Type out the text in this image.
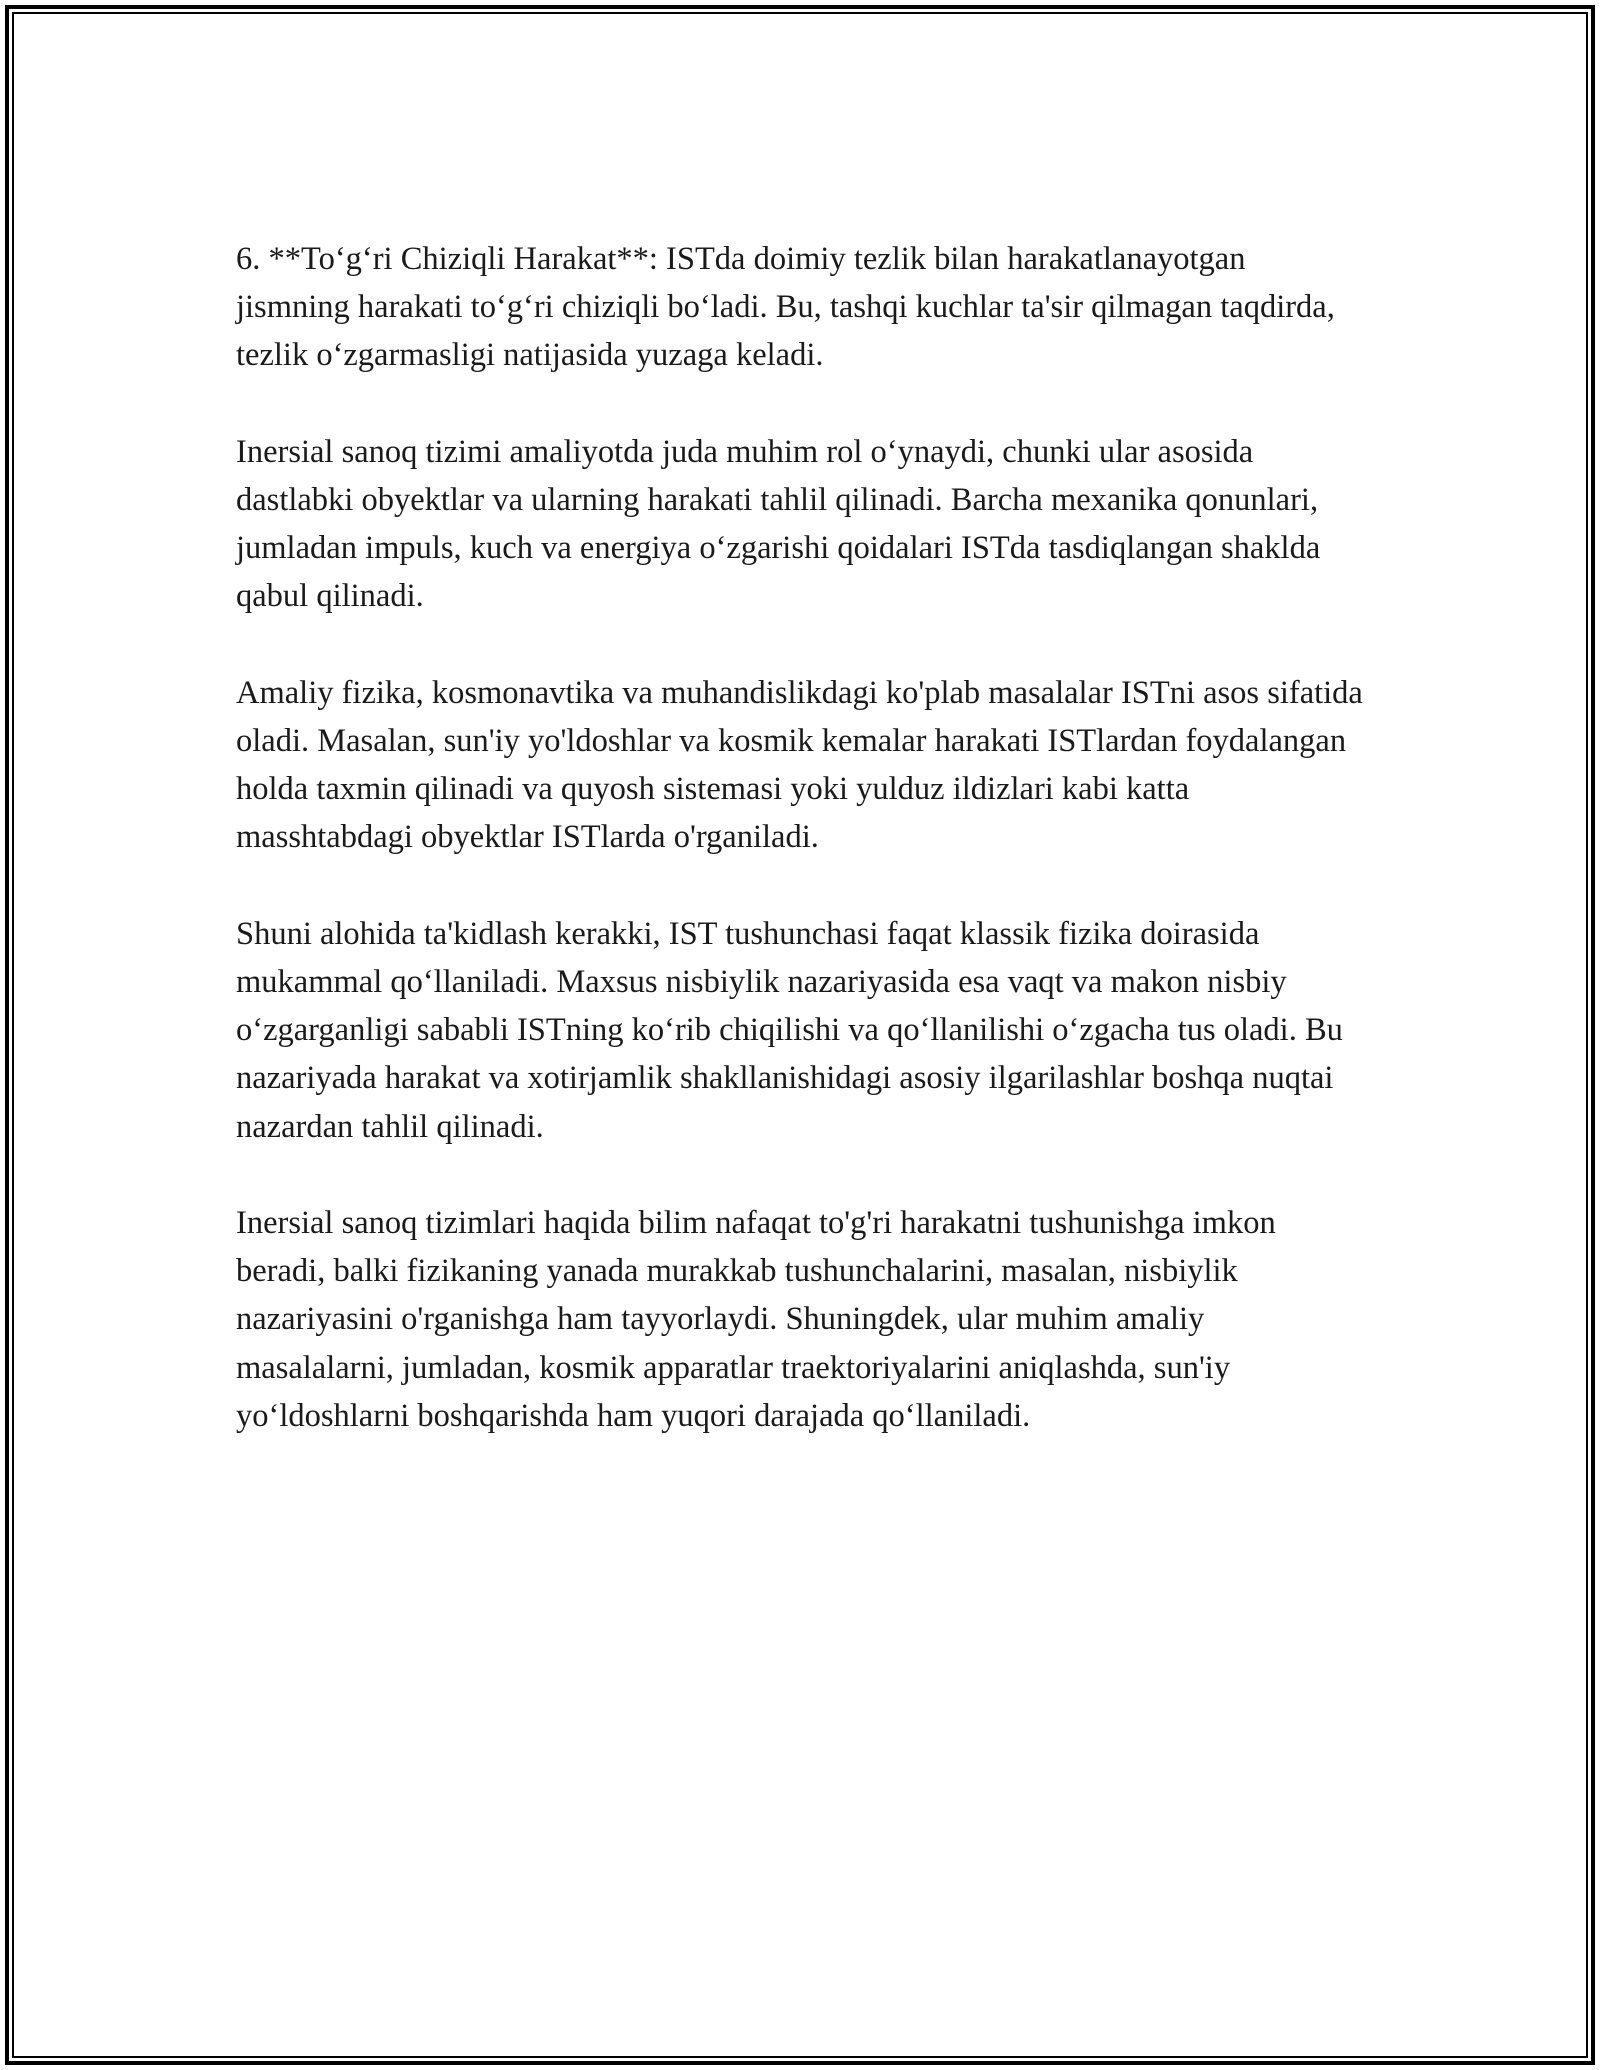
6. **To‘g‘ri Chiziqli Harakat**: ISTda doimiy tezlik bilan harakatlanayotgan jismning harakati to‘g‘ri chiziqli bo‘ladi. Bu, tashqi kuchlar ta'sir qilmagan taqdirda, tezlik o‘zgarmasligi natijasida yuzaga keladi.

Inersial sanoq tizimi amaliyotda juda muhim rol o‘ynaydi, chunki ular asosida dastlabki obyektlar va ularning harakati tahlil qilinadi. Barcha mexanika qonunlari, jumladan impuls, kuch va energiya o‘zgarishi qoidalari ISTda tasdiqlangan shaklda qabul qilinadi.

Amaliy fizika, kosmonavtika va muhandislikdagi ko'plab masalalar ISTni asos sifatida oladi. Masalan, sun'iy yo'ldoshlar va kosmik kemalar harakati ISTlardan foydalangan holda taxmin qilinadi va quyosh sistemasi yoki yulduz ildizlari kabi katta masshtabdagi obyektlar ISTlarda o'rganiladi.

Shuni alohida ta'kidlash kerakki, IST tushunchasi faqat klassik fizika doirasida mukammal qo‘llaniladi. Maxsus nisbiylik nazariyasida esa vaqt va makon nisbiy o‘zgarganligi sababli ISTning ko‘rib chiqilishi va qo‘llanilishi o‘zgacha tus oladi. Bu nazariyada harakat va xotirjamlik shakllanishidagi asosiy ilgarilashlar boshqa nuqtai nazardan tahlil qilinadi.

Inersial sanoq tizimlari haqida bilim nafaqat to'g'ri harakatni tushunishga imkon beradi, balki fizikaning yanada murakkab tushunchalarini, masalan, nisbiylik nazariyasini o'rganishga ham tayyorlaydi. Shuningdek, ular muhim amaliy masalalarni, jumladan, kosmik apparatlar traektoriyalarini aniqlashda, sun'iy yo‘ldoshlarni boshqarishda ham yuqori darajada qo‘llaniladi.
